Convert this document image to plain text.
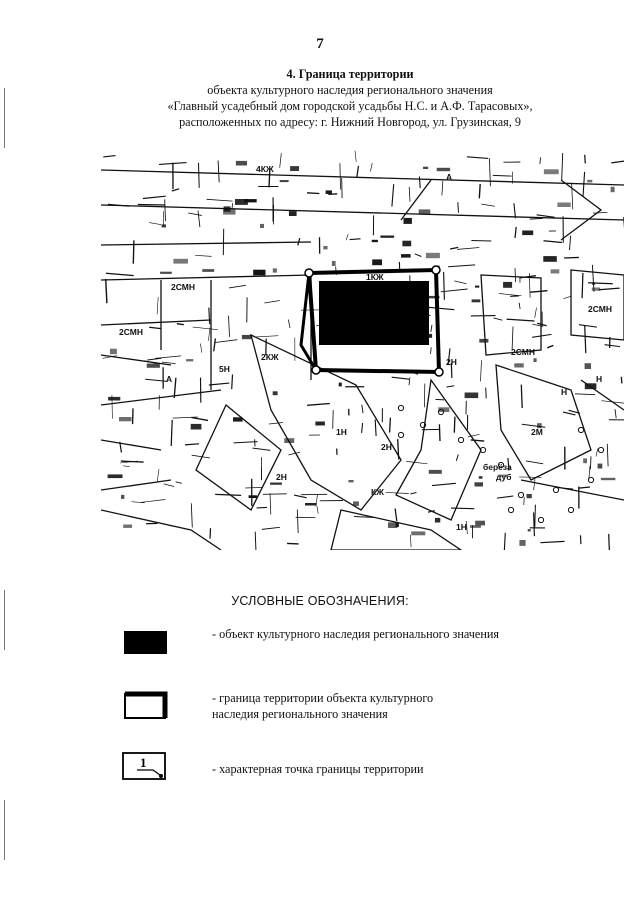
7
4. Граница территории
объекта культурного наследия регионального значения
«Главный усадебный дом городской усадьбы Н.С. и А.Ф. Тарасовых»,
расположенных по адресу: г. Нижний Новгород, ул. Грузинская, 9
4КЖ
2СМН
2СМН
2СМН
2СМН
1КЖ
2КЖ
2Н
2Н
2Н
2М
5Н
1Н
1Н
берёза
дуб
А
А
Н
Н
КЖ
УСЛОВНЫЕ ОБОЗНАЧЕНИЯ:
- объект культурного наследия регионального значения
- граница территории объекта культурного
наследия регионального значения
1	- характерная точка границы территории
